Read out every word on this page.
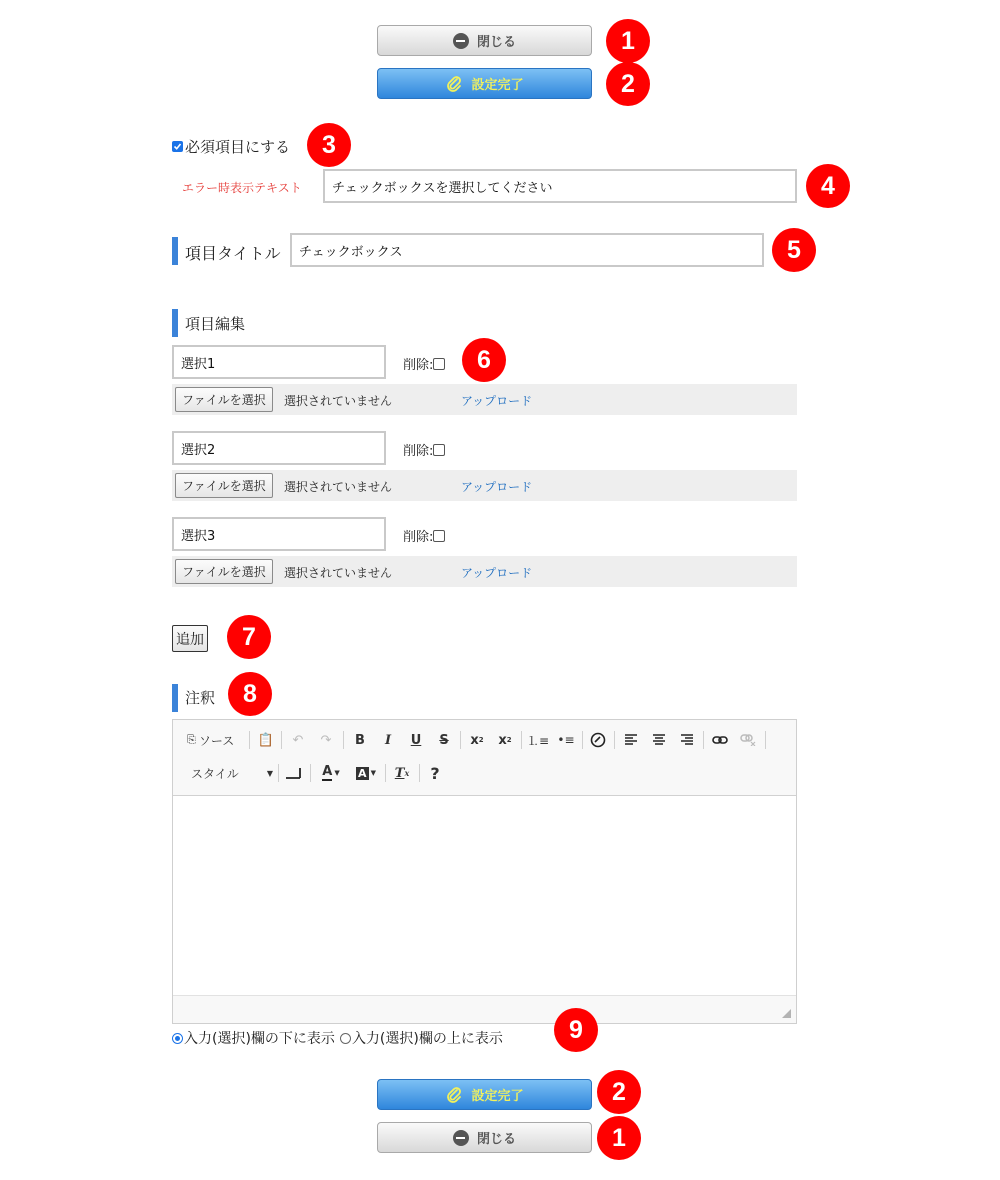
閉じる	1
設定完了	2
必須項目にする	3
エラー時表示テキスト
チェックボックスを選択してください	4
項目タイトル
チェックボックス	5
項目編集
選択1
削除:	6
ファイルを選択	選択されていません	アップロード
選択2
削除:
ファイルを選択	選択されていません	アップロード
選択3
削除:
ファイルを選択	選択されていません	アップロード
追加	7
注釈	8
⎘ ソース 📋 ↶ ↷	B	I	U	S	x 2 x 2 ⒈≡ •≡
スタイル	▼	A ▼ A ▼ T x ?
入力(選択)欄の下に表示 入力(選択)欄の上に表示	9
設定完了	2
閉じる	1
